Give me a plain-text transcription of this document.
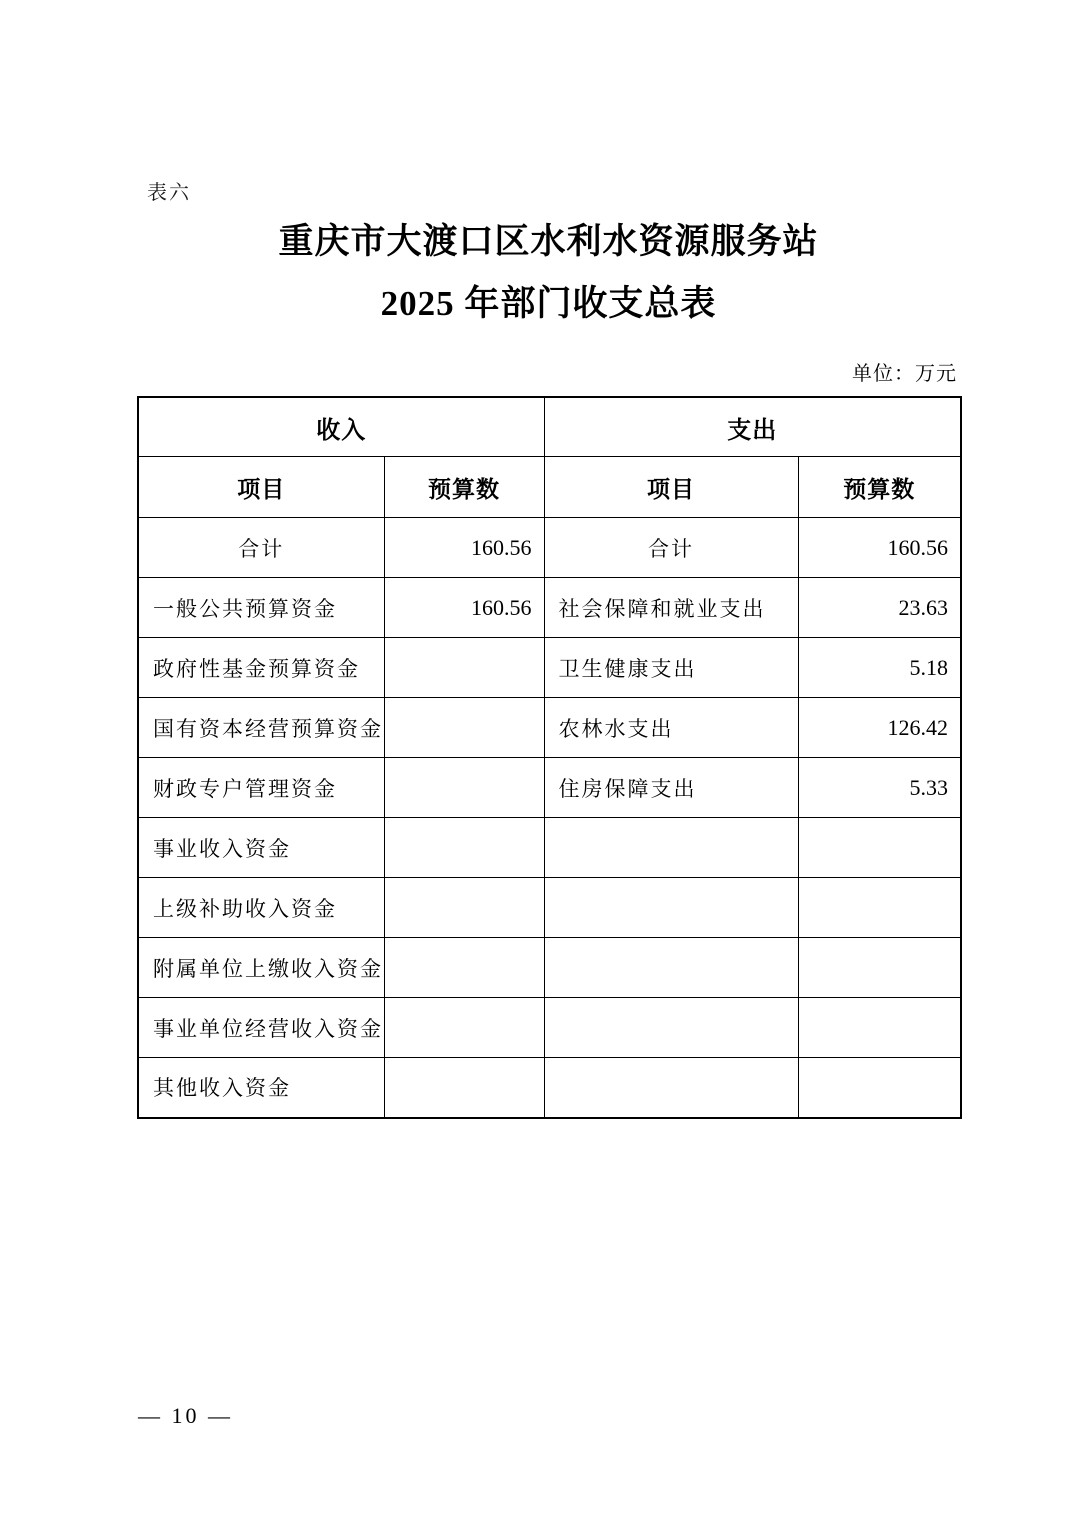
表六
重庆市大渡口区水利水资源服务站
2025 年部门收支总表
单位：万元
收入		支出	
项目	预算数	项目	预算数
合计	160.56	合计	160.56
一般公共预算资金	160.56	社会保障和就业支出	23.63
政府性基金预算资金		卫生健康支出	5.18
国有资本经营预算资金		农林水支出	126.42
财政专户管理资金		住房保障支出	5.33
事业收入资金			
上级补助收入资金			
附属单位上缴收入资金			
事业单位经营收入资金			
其他收入资金			
— 10 —
